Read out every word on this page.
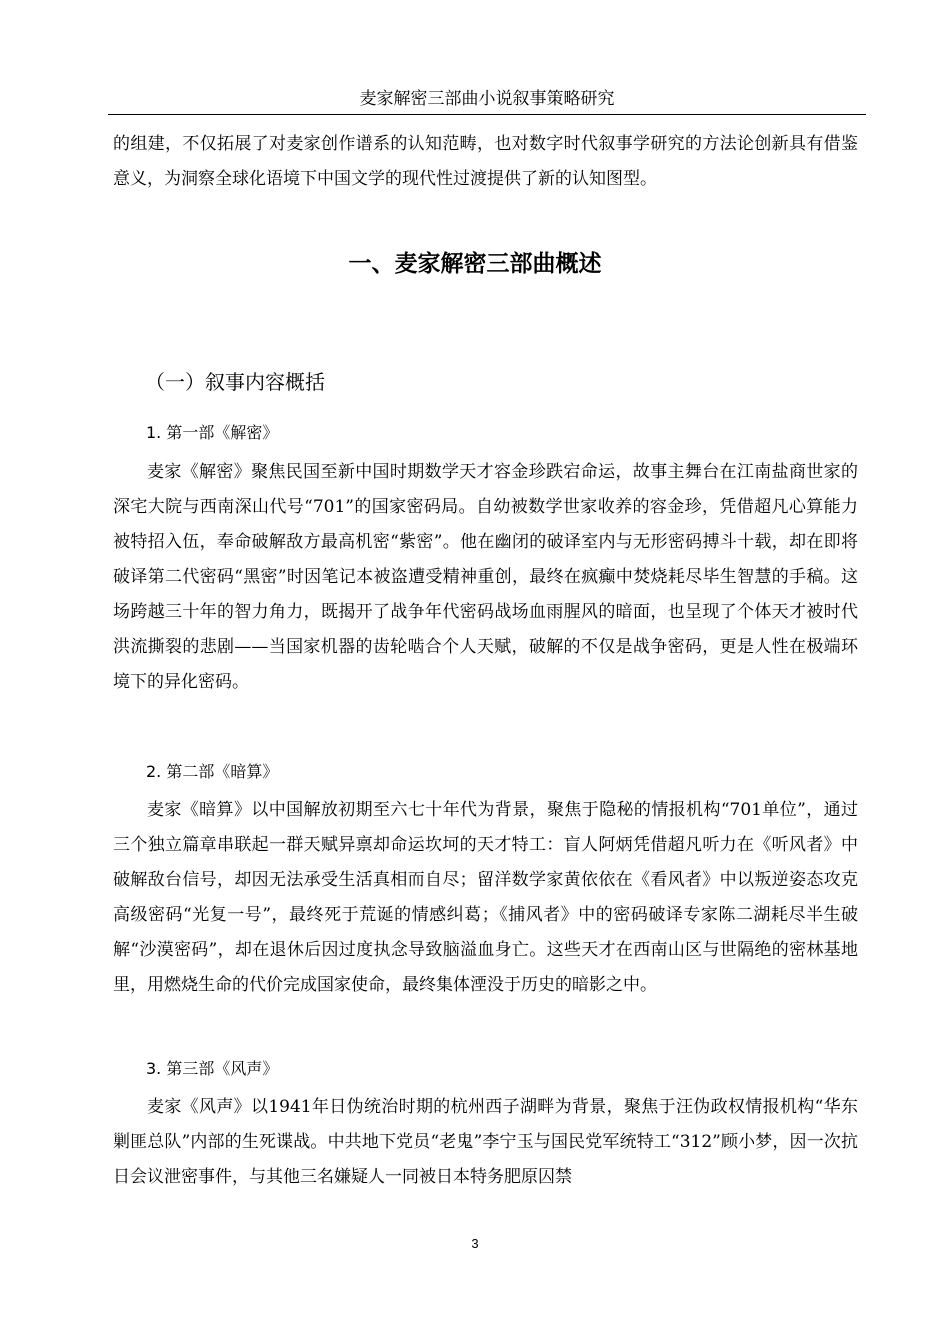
麦家解密三部曲小说叙事策略研究

的组建，不仅拓展了对麦家创作谱系的认知范畴，也对数字时代叙事学研究的方法论创新具有借鉴意义，为洞察全球化语境下中国文学的现代性过渡提供了新的认知图型。

一、麦家解密三部曲概述
（一）叙事内容概括
1. 第一部《解密》

麦家《解密》聚焦民国至新中国时期数学天才容金珍跌宕命运，故事主舞台在江南盐商世家的深宅大院与西南深山代号“701”的国家密码局。自幼被数学世家收养的容金珍，凭借超凡心算能力被特招入伍，奉命破解敌方最高机密“紫密”。他在幽闭的破译室内与无形密码搏斗十载，却在即将破译第二代密码“黑密”时因笔记本被盗遭受精神重创，最终在疯癫中焚烧耗尽毕生智慧的手稿。这场跨越三十年的智力角力，既揭开了战争年代密码战场血雨腥风的暗面，也呈现了个体天才被时代洪流撕裂的悲剧——当国家机器的齿轮啮合个人天赋，破解的不仅是战争密码，更是人性在极端环境下的异化密码。

2. 第二部《暗算》

麦家《暗算》以中国解放初期至六七十年代为背景，聚焦于隐秘的情报机构“701单位”，通过三个独立篇章串联起一群天赋异禀却命运坎坷的天才特工：盲人阿炳凭借超凡听力在《听风者》中破解敌台信号，却因无法承受生活真相而自尽；留洋数学家黄依依在《看风者》中以叛逆姿态攻克高级密码“光复一号”，最终死于荒诞的情感纠葛；《捕风者》中的密码破译专家陈二湖耗尽半生破解“沙漠密码”，却在退休后因过度执念导致脑溢血身亡。这些天才在西南山区与世隔绝的密林基地里，用燃烧生命的代价完成国家使命，最终集体湮没于历史的暗影之中。

3. 第三部《风声》

麦家《风声》以1941年日伪统治时期的杭州西子湖畔为背景，聚焦于汪伪政权情报机构“华东剿匪总队”内部的生死谍战。中共地下党员“老鬼”李宁玉与国民党军统特工“312”顾小梦，因一次抗日会议泄密事件，与其他三名嫌疑人一同被日本特务肥原囚禁

3
